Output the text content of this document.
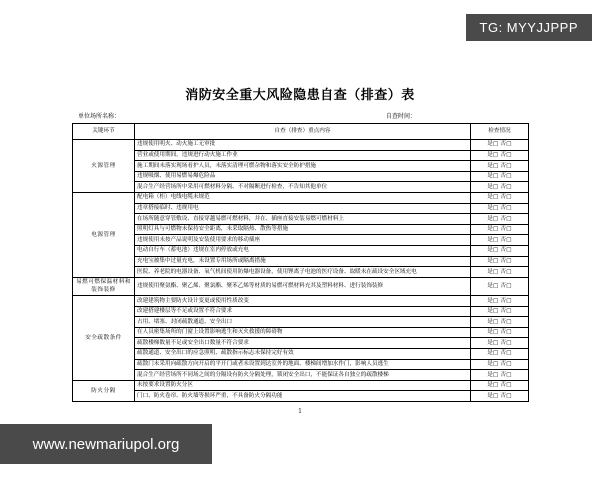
TG: MYYJJPPP
消防安全重大风险隐患自查（排查）表
单位场所名称：	自查时间：
关键环节	自查（排查）重点内容	检查情况
火源管理	违规使用明火、动火施工无审批	是□ 否□
	营业或使用期间，违规进行动火施工作业	是□ 否□
	施工期间未落实现场看护人员，未落实清理可燃杂物和落实安全防护措施	是□ 否□
	违规吸烟、使用易燃易爆危险品	是□ 否□
	混合生产经营场所中采用可燃材料分隔、不对隔断进行检查，不告知其他单位	是□ 否□
电源管理	配电箱（柜）电线电缆未规范	是□ 否□
	违章搭接临时、违规用电	是□ 否□
	在场所随意穿管敷设、直接穿越易燃可燃材料，并在、插座直接安装易燃可燃材料上	是□ 否□
	照明灯具与可燃物未保持安全距离，未采取隔热、散热等措施	是□ 否□
	违规使用未按产品说明及安装使用要求的移动插座	是□ 否□
	电动自行车（蓄电池）违规在室内停放或充电	是□ 否□
	充电宝被集中过量充电，未设置专用场所或隔离措施	是□ 否□
	医院、养老院的电器设备、氧气机间使用防爆电器设备，使用锂离子电池的医疗设备、取暖未在疏设安全区域充电	是□ 否□
易燃可燃保温材料和装饰装修	违规使用聚氨酯、聚乙烯、聚氯酯、聚苯乙烯等材质的易燃可燃材料充其及塑料材料、进行装饰装修	是□ 否□
安全疏散条件	改建建筑物主要防火设计变更或使用性质改变	是□ 否□
	改建搭建楼层等不足或设置不符合要求	是□ 否□
	占用、堵塞、封闭疏散通道、安全出口	是□ 否□
	在人员密集场所的门窗上设置影响逃生和灭火救援的障碍物	是□ 否□
	疏散楼梯数量不足或安全出口数量不符合要求	是□ 否□
	疏散通道、安全出口的应急照明、疏散指示标志未保持完好有效	是□ 否□
	疏散门未采用向疏散方向开启的平开门或者未设置到达室外的地面、楼梯间增加水作门，影响人员逃生	是□ 否□
	混合生产经营场所不同场之间的分隔设有防火分隔处理，锁闭安全出口，不能保证各自独立的疏散楼梯	是□ 否□
防火分隔	未按要求设置防火分区	是□ 否□
	门口、防火卷帘、防火墙等损坏严重，不具备防火分隔功能	是□ 否□
1
www.newmariupol.org
